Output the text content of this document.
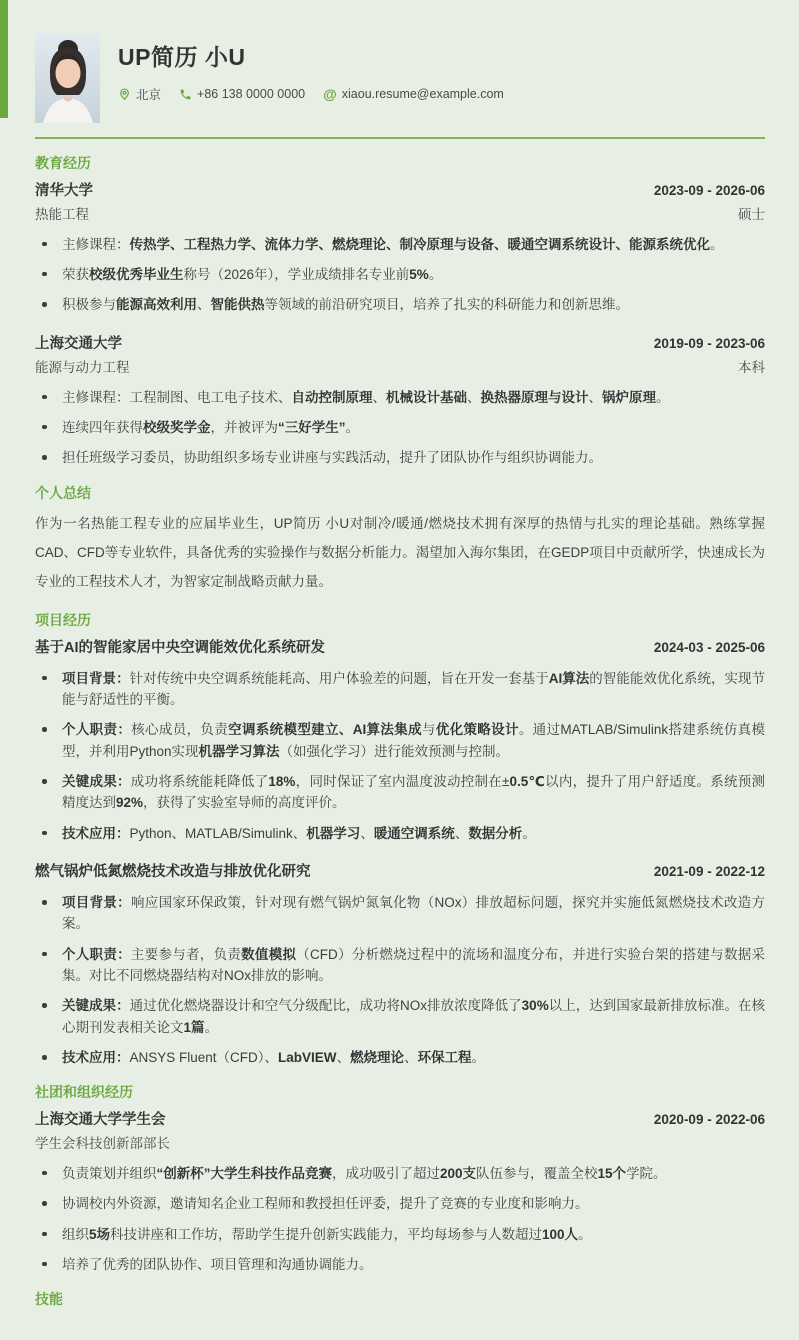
UP简历 小U
北京	+86 138 0000 0000 @ xiaou.resume@example.com
教育经历
清华大学	2023-09 - 2026-06
热能工程	硕士
主修课程：传热学、工程热力学、流体力学、燃烧理论、制冷原理与设备、暖通空调系统设计、能源系统优化。
荣获校级优秀毕业生称号（2026年），学业成绩排名专业前5%。
积极参与能源高效利用、智能供热等领域的前沿研究项目，培养了扎实的科研能力和创新思维。
上海交通大学	2019-09 - 2023-06
能源与动力工程	本科
主修课程：工程制图、电工电子技术、自动控制原理、机械设计基础、换热器原理与设计、锅炉原理。
连续四年获得校级奖学金，并被评为“三好学生”。
担任班级学习委员，协助组织多场专业讲座与实践活动，提升了团队协作与组织协调能力。
个人总结

作为一名热能工程专业的应届毕业生，UP简历 小U对制冷/暖通/燃烧技术拥有深厚的热情与扎实的理论基础。熟练掌握CAD、CFD等专业软件，具备优秀的实验操作与数据分析能力。渴望加入海尔集团，在GEDP项目中贡献所学，快速成长为专业的工程技术人才，为智家定制战略贡献力量。

项目经历
基于AI的智能家居中央空调能效优化系统研发	2024-03 - 2025-06
项目背景：针对传统中央空调系统能耗高、用户体验差的问题，旨在开发一套基于AI算法的智能能效优化系统，实现节能与舒适性的平衡。
个人职责：核心成员，负责空调系统模型建立、AI算法集成与优化策略设计。通过MATLAB/Simulink搭建系统仿真模型，并利用Python实现机器学习算法（如强化学习）进行能效预测与控制。
关键成果：成功将系统能耗降低了18%，同时保证了室内温度波动控制在±0.5℃以内，提升了用户舒适度。系统预测精度达到92%，获得了实验室导师的高度评价。
技术应用：Python、MATLAB/Simulink、机器学习、暖通空调系统、数据分析。
燃气锅炉低氮燃烧技术改造与排放优化研究	2021-09 - 2022-12
项目背景：响应国家环保政策，针对现有燃气锅炉氮氧化物（NOx）排放超标问题，探究并实施低氮燃烧技术改造方案。
个人职责：主要参与者，负责数值模拟（CFD）分析燃烧过程中的流场和温度分布，并进行实验台架的搭建与数据采集。对比不同燃烧器结构对NOx排放的影响。
关键成果：通过优化燃烧器设计和空气分级配比，成功将NOx排放浓度降低了30%以上，达到国家最新排放标准。在核心期刊发表相关论文1篇。
技术应用：ANSYS Fluent（CFD）、LabVIEW、燃烧理论、环保工程。
社团和组织经历
上海交通大学学生会	2020-09 - 2022-06
学生会科技创新部部长
负责策划并组织“创新杯”大学生科技作品竞赛，成功吸引了超过200支队伍参与，覆盖全校15个学院。
协调校内外资源，邀请知名企业工程师和教授担任评委，提升了竞赛的专业度和影响力。
组织5场科技讲座和工作坊，帮助学生提升创新实践能力，平均每场参与人数超过100人。
培养了优秀的团队协作、项目管理和沟通协调能力。
技能
